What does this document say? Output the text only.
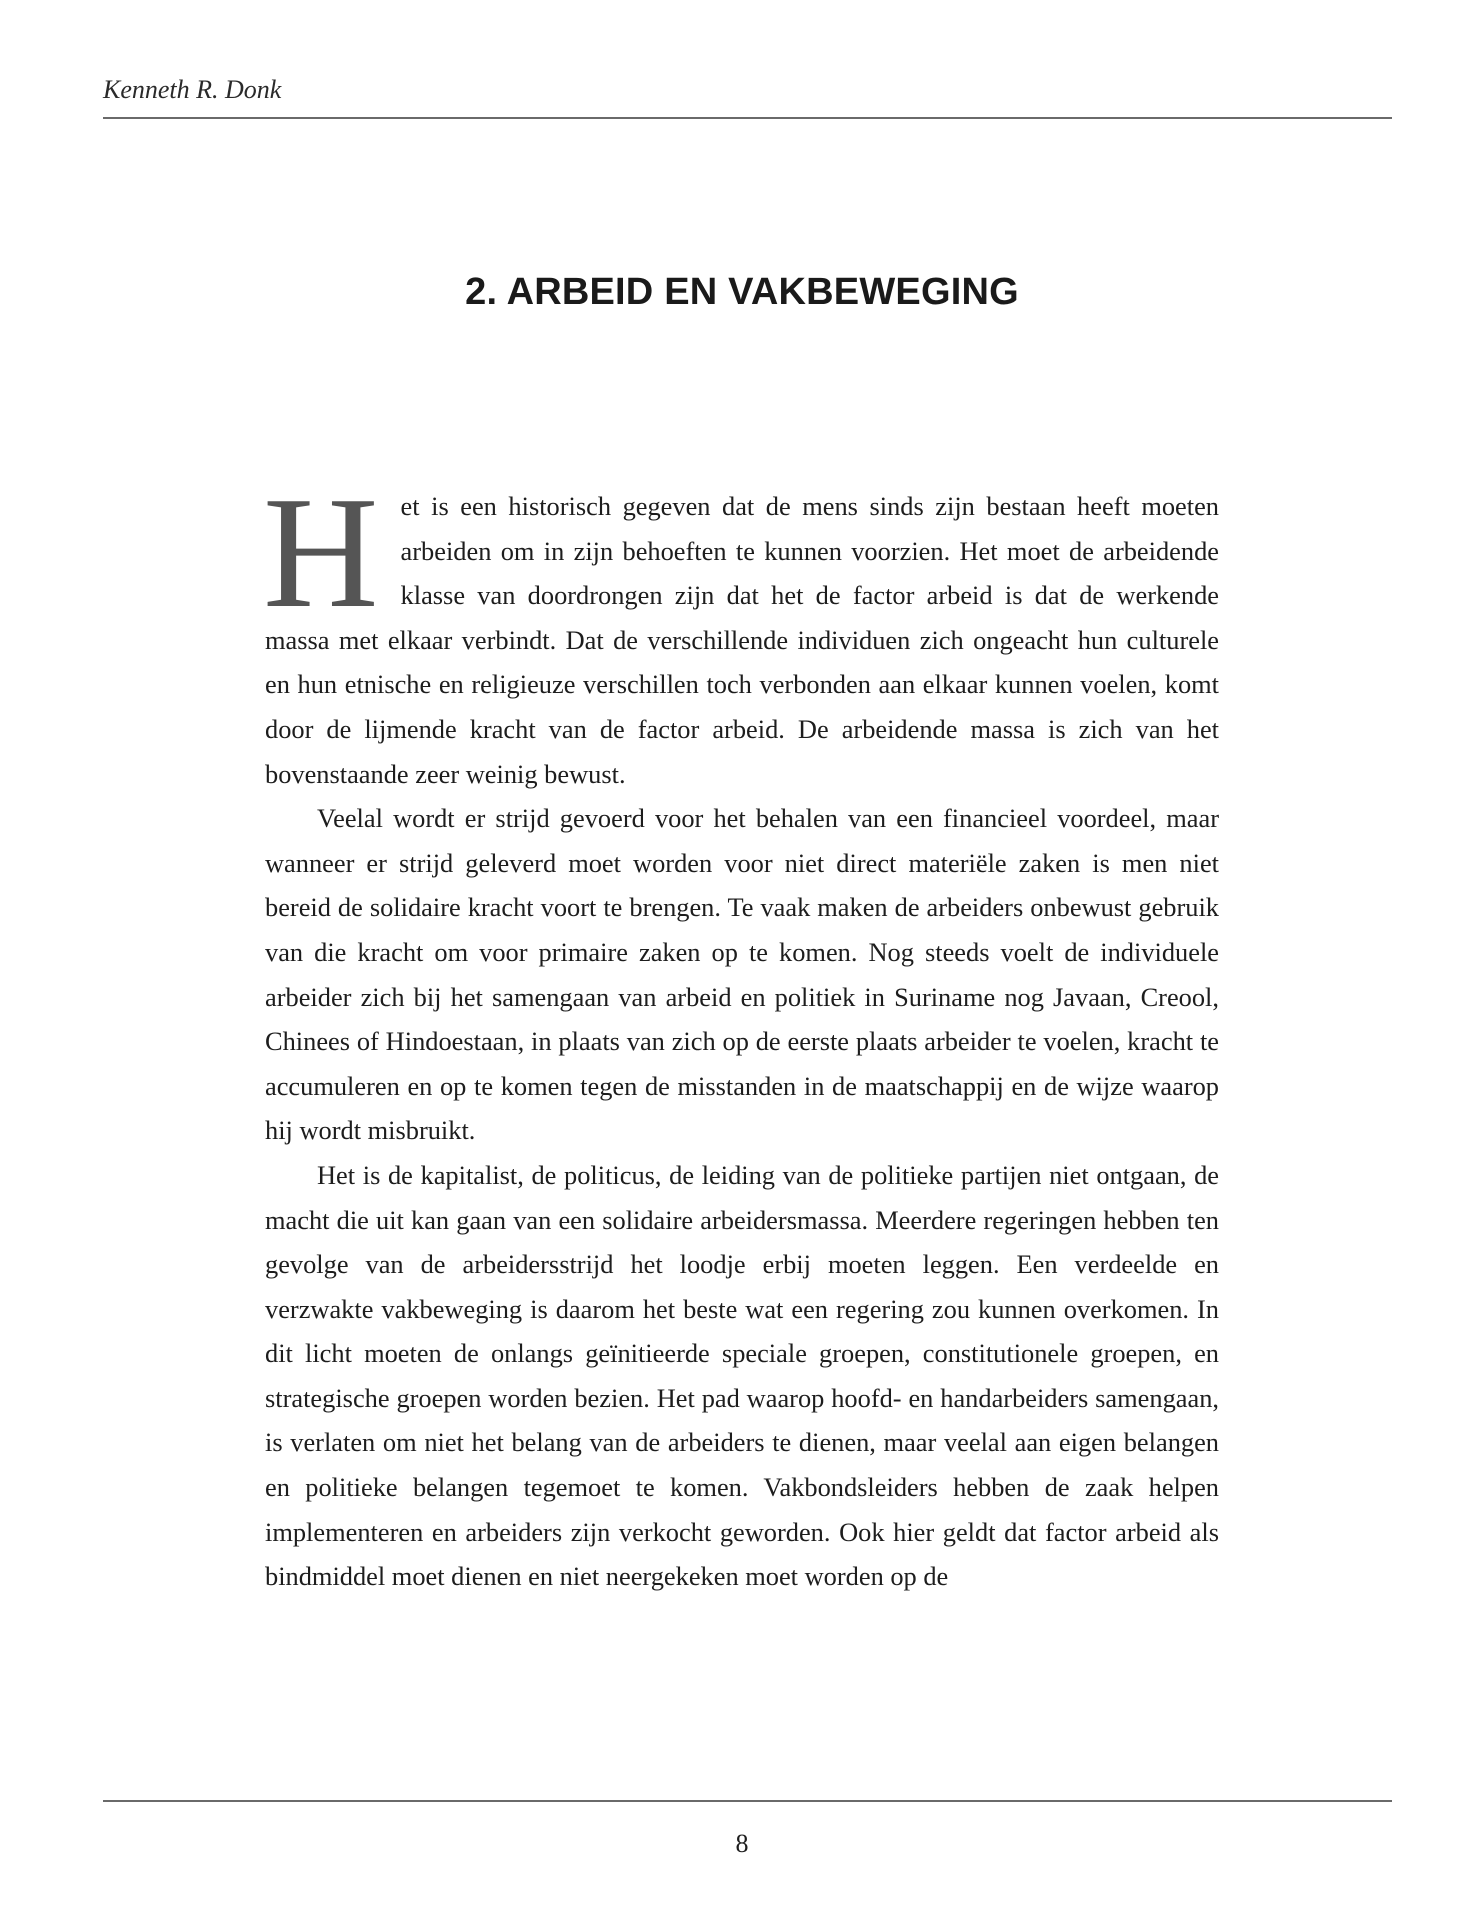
Kenneth R. Donk
2. ARBEID EN VAKBEWEGING

Het is een historisch gegeven dat de mens sinds zijn bestaan heeft moeten arbeiden om in zijn behoeften te kunnen voorzien. Het moet de arbeidende klasse van doordrongen zijn dat het de factor arbeid is dat de werkende massa met elkaar verbindt. Dat de verschillende individuen zich ongeacht hun culturele en hun etnische en religieuze verschillen toch verbonden aan elkaar kunnen voelen, komt door de lijmende kracht van de factor arbeid. De arbeidende massa is zich van het bovenstaande zeer weinig bewust.

Veelal wordt er strijd gevoerd voor het behalen van een financieel voordeel, maar wanneer er strijd geleverd moet worden voor niet direct materiële zaken is men niet bereid de solidaire kracht voort te brengen. Te vaak maken de arbeiders onbewust gebruik van die kracht om voor primaire zaken op te komen. Nog steeds voelt de individuele arbeider zich bij het samengaan van arbeid en politiek in Suriname nog Javaan, Creool, Chinees of Hindoestaan, in plaats van zich op de eerste plaats arbeider te voelen, kracht te accumuleren en op te komen tegen de misstanden in de maatschappij en de wijze waarop hij wordt misbruikt.

Het is de kapitalist, de politicus, de leiding van de politieke partijen niet ontgaan, de macht die uit kan gaan van een solidaire arbeidersmassa. Meerdere regeringen hebben ten gevolge van de arbeidersstrijd het loodje erbij moeten leggen. Een verdeelde en verzwakte vakbeweging is daarom het beste wat een regering zou kunnen overkomen. In dit licht moeten de onlangs geïnitieerde speciale groepen, constitutionele groepen, en strategische groepen worden bezien. Het pad waarop hoofd- en handarbeiders samengaan, is verlaten om niet het belang van de arbeiders te dienen, maar veelal aan eigen belangen en politieke belangen tegemoet te komen. Vakbondsleiders hebben de zaak helpen implementeren en arbeiders zijn verkocht geworden. Ook hier geldt dat factor arbeid als bindmiddel moet dienen en niet neergekeken moet worden op de

8
